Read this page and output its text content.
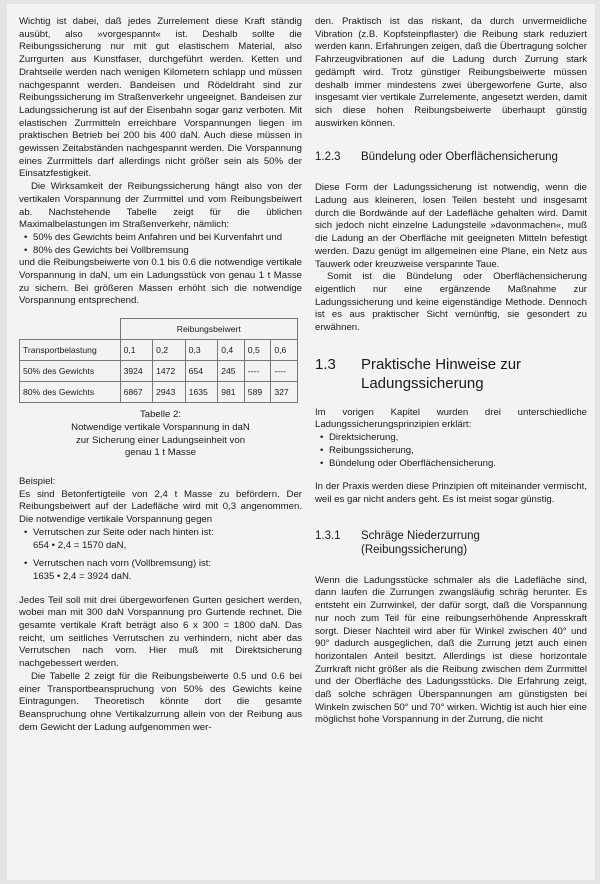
Wichtig ist dabei, daß jedes Zurrelement diese Kraft ständig ausübt, also »vorgespannt« ist. Deshalb sollte die Reibungssicherung nur mit gut elastischem Material, also Zurrgurten aus Kunstfaser, durchgeführt werden. Ketten und Drahtseile werden nach wenigen Kilometern schlapp und müssen nachgespannt werden. Bandeisen und Rödeldraht sind zur Reibungssicherung im Straßenverkehr ungeeignet. Bandeisen zur Ladungssicherung ist auf der Eisenbahn sogar ganz verboten. Mit elastischen Zurrmitteln erreichbare Vorspannungen liegen im praktischen Betrieb bei 200 bis 400 daN. Auch diese müssen in gewissen Zeitabständen nachgespannt werden. Die Vorspannung eines Zurrmittels darf allerdings nicht größer sein als 50% der Einsatzfestigkeit.

Die Wirksamkeit der Reibungssicherung hängt also von der vertikalen Vorspannung der Zurrmittel und vom Reibungsbeiwert ab. Nachstehende Tabelle zeigt für die üblichen Maximalbelastungen im Straßenverkehr, nämlich:

• 50% des Gewichts beim Anfahren und bei Kurvenfahrt und
• 80% des Gewichts bei Vollbremsung

und die Reibungsbeiwerte von 0.1 bis 0.6 die notwendige vertikale Vorspannung in daN, um ein Ladungsstück von genau 1 t Masse zu sichern. Bei größeren Massen erhöht sich die notwendige Vorspannung entsprechend.

	Reibungsbeiwert					
Transportbelastung	0,1	0,2	0,3	0,4	0,5	0,6
50% des Gewichts	3924	1472	654	245	----	----
80% des Gewichts	6867	2943	1635	981	589	327
Tabelle 2:
Notwendige vertikale Vorspannung in daN
zur Sicherung einer Ladungseinheit von
genau 1 t Masse

Beispiel:

Es sind Betonfertigteile von 2,4 t Masse zu befördern. Der Reibungsbeiwert auf der Ladefläche wird mit 0,3 angenommen. Die notwendige vertikale Vorspannung gegen

• Verrutschen zur Seite oder nach hinten ist:

654 • 2,4 = 1570 daN,

• Verrutschen nach vorn (Vollbremsung) ist:

1635 • 2,4 = 3924 daN.

Jedes Teil soll mit drei übergeworfenen Gurten gesichert werden, wobei man mit 300 daN Vorspannung pro Gurtende rechnet. Die gesamte vertikale Kraft beträgt also 6 x 300 = 1800 daN. Das reicht, um seitliches Verrutschen zu verhindern, nicht aber das Verrutschen nach vorn. Hier muß mit Direktsicherung nachgebessert werden.

Die Tabelle 2 zeigt für die Reibungsbeiwerte 0.5 und 0.6 bei einer Transportbeanspruchung von 50% des Gewichts keine Eintragungen. Theoretisch könnte dort die gesamte Beanspruchung ohne Vertikalzurrung allein von der Reibung aus dem Gewicht der Ladung aufgenommen wer-

den. Praktisch ist das riskant, da durch unvermeidliche Vibration (z.B. Kopfsteinpflaster) die Reibung stark reduziert werden kann. Erfahrungen zeigen, daß die Übertragung solcher Fahrzeugvibrationen auf die Ladung durch Zurrung stark gedämpft wird. Trotz günstiger Reibungsbeiwerte müssen deshalb immer mindestens zwei übergeworfene Gurte, also insgesamt vier vertikale Zurrelemente, angesetzt werden, damit sich diese hohen Reibungsbeiwerte überhaupt günstig auswirken können.

1.2.3	Bündelung oder Oberflächensicherung

Diese Form der Ladungssicherung ist notwendig, wenn die Ladung aus kleineren, losen Teilen besteht und insgesamt durch die Bordwände auf der Ladefläche gehalten wird. Damit sich jedoch nicht einzelne Ladungsteile »davonmachen«, muß die Ladung an der Oberfläche mit geeigneten Mitteln befestigt werden. Dazu genügt im allgemeinen eine Plane, ein Netz aus Tauwerk oder kreuzweise verspannte Taue.

Somit ist die Bündelung oder Oberflächensicherung eigentlich nur eine ergänzende Maßnahme zur Ladungssicherung und keine eigenständige Methode. Dennoch ist es aus praktischer Sicht vernünftig, sie gesondert zu erwähnen.

1.3	Praktische Hinweise zur
Ladungssicherung

Im vorigen Kapitel wurden drei unterschiedliche Ladungssicherungsprinzipien erklärt:

• Direktsicherung,
• Reibungssicherung,
• Bündelung oder Oberflächensicherung.

In der Praxis werden diese Prinzipien oft miteinander vermischt, weil es gar nicht anders geht. Es ist meist sogar günstig.

1.3.1	Schräge Niederzurrung
(Reibungssicherung)

Wenn die Ladungsstücke schmaler als die Ladefläche sind, dann laufen die Zurrungen zwangsläufig schräg herunter. Es entsteht ein Zurrwinkel, der dafür sorgt, daß die Vorspannung nur noch zum Teil für eine reibungserhöhende Anpresskraft sorgt. Dieser Nachteil wird aber für Winkel zwischen 40° und 90° dadurch ausgeglichen, daß die Zurrung jetzt auch einen horizontalen Anteil besitzt. Allerdings ist diese horizontale Zurrkraft nicht größer als die Reibung zwischen dem Zurrmittel und der Oberfläche des Ladungsstücks. Die Erfahrung zeigt, daß solche schrägen Überspannungen am günstigsten bei Winkeln zwischen 50° und 70° wirken. Wichtig ist auch hier eine möglichst hohe Vorspannung in der Zurrung, die nicht
